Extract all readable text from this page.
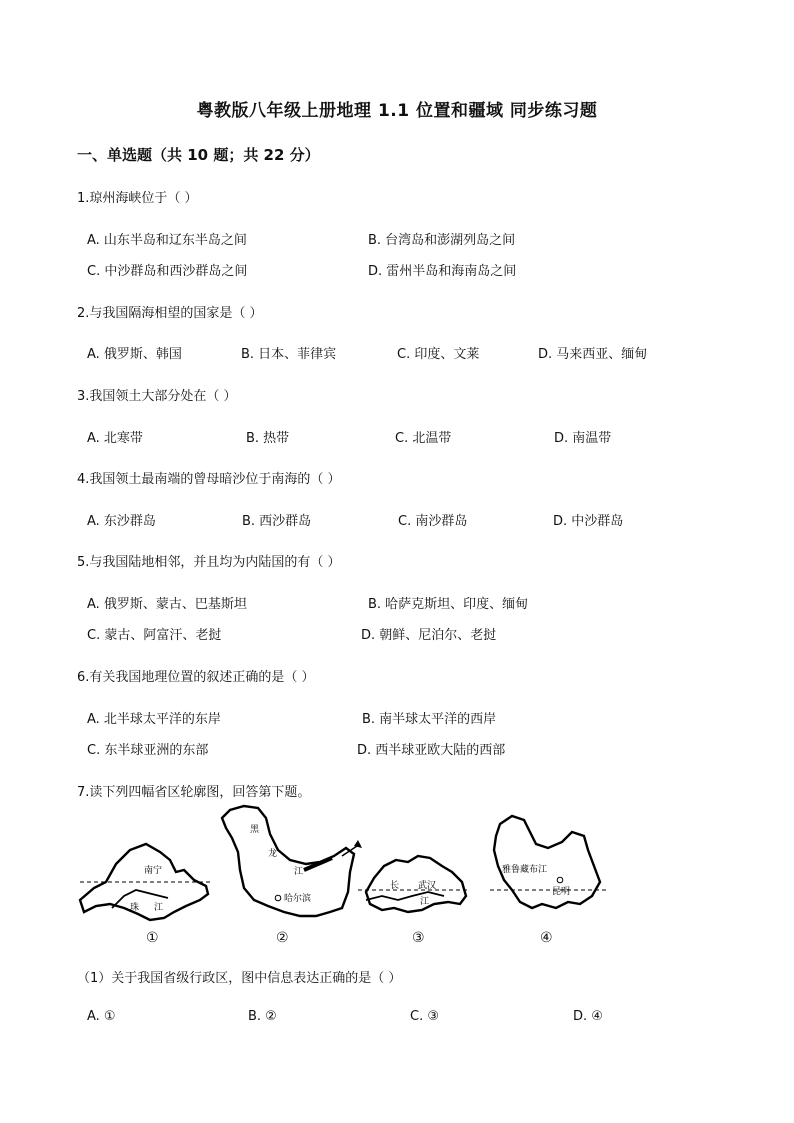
粤教版八年级上册地理 1.1 位置和疆域 同步练习题
一、单选题（共 10 题；共 22 分）
1.琼州海峡位于（ ）
A. 山东半岛和辽东半岛之间	B. 台湾岛和澎湖列岛之间
C. 中沙群岛和西沙群岛之间	D. 雷州半岛和海南岛之间
2.与我国隔海相望的国家是（ ）
A. 俄罗斯、韩国	B. 日本、菲律宾	C. 印度、文莱	D. 马来西亚、缅甸
3.我国领土大部分处在（ ）
A. 北寒带	B. 热带	C. 北温带	D. 南温带
4.我国领土最南端的曾母暗沙位于南海的（ ）
A. 东沙群岛	B. 西沙群岛	C. 南沙群岛	D. 中沙群岛
5.与我国陆地相邻，并且均为内陆国的有（ ）
A. 俄罗斯、蒙古、巴基斯坦	B. 哈萨克斯坦、印度、缅甸
C. 蒙古、阿富汗、老挝	D. 朝鲜、尼泊尔、老挝
6.有关我国地理位置的叙述正确的是（ ）
A. 北半球太平洋的东岸	B. 南半球太平洋的西岸
C. 东半球亚洲的东部	D. 西半球亚欧大陆的西部
7.读下列四幅省区轮廓图，回答第下题。
南宁
珠 江
黑
龙
江
哈尔滨
长 武汉
江
雅鲁藏布江
昆明
①	②	③	④
（1）关于我国省级行政区，图中信息表达正确的是（ ）
A. ①	B. ②	C. ③	D. ④
